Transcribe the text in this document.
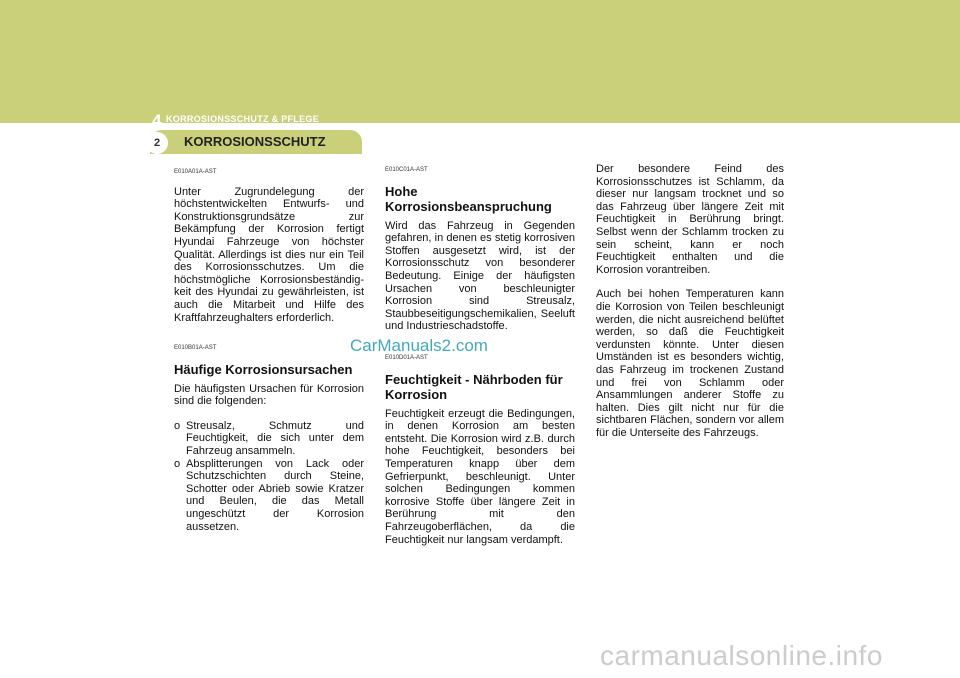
4 KORROSIONSSCHUTZ & PFLEGE
2	KORROSIONSSCHUTZ
E010A01A-AST

Unter Zugrundelegung der höchstentwickelten Entwurfs- und Konstruktionsgrundsätze zur Bekämpfung der Korrosion fertigt Hyundai Fahrzeuge von höchster Qualität. Allerdings ist dies nur ein Teil des Korrosionsschutzes. Um die höchstmögliche Korrosionsbeständig-keit des Hyundai zu gewährleisten, ist auch die Mitarbeit und Hilfe des Kraftfahrzeughalters erforderlich.

E010B01A-AST
Häufige Korrosionsursachen

Die häufigsten Ursachen für Korrosion sind die folgenden:

o Streusalz, Schmutz und Feuchtigkeit, die sich unter dem Fahrzeug ansammeln.
o Absplitterungen von Lack oder Schutzschichten durch Steine, Schotter oder Abrieb sowie Kratzer und Beulen, die das Metall ungeschützt der Korrosion aussetzen.
E010C01A-AST
Hohe Korrosionsbeanspruchung

Wird das Fahrzeug in Gegenden gefahren, in denen es stetig korrosiven Stoffen ausgesetzt wird, ist der Korrosionsschutz von besonderer Bedeutung. Einige der häufigsten Ursachen von beschleunigter Korrosion sind Streusalz, Staubbeseitigungschemikalien, Seeluft und Industrieschadstoffe.

E010D01A-AST
Feuchtigkeit - Nährboden für Korrosion

Feuchtigkeit erzeugt die Bedingungen, in denen Korrosion am besten entsteht. Die Korrosion wird z.B. durch hohe Feuchtigkeit, besonders bei Temperaturen knapp über dem Gefrierpunkt, beschleunigt. Unter solchen Bedingungen kommen korrosive Stoffe über längere Zeit in Berührung mit den Fahrzeugoberflächen, da die Feuchtigkeit nur langsam verdampft.

Der besondere Feind des Korrosionsschutzes ist Schlamm, da dieser nur langsam trocknet und so das Fahrzeug über längere Zeit mit Feuchtigkeit in Berührung bringt. Selbst wenn der Schlamm trocken zu sein scheint, kann er noch Feuchtigkeit enthalten und die Korrosion vorantreiben.

Auch bei hohen Temperaturen kann die Korrosion von Teilen beschleunigt werden, die nicht ausreichend belüftet werden, so daß die Feuchtigkeit verdunsten könnte. Unter diesen Umständen ist es besonders wichtig, das Fahrzeug im trockenen Zustand und frei von Schlamm oder Ansammlungen anderer Stoffe zu halten. Dies gilt nicht nur für die sichtbaren Flächen, sondern vor allem für die Unterseite des Fahrzeugs.

CarManuals2.com
carmanualsonline.info
